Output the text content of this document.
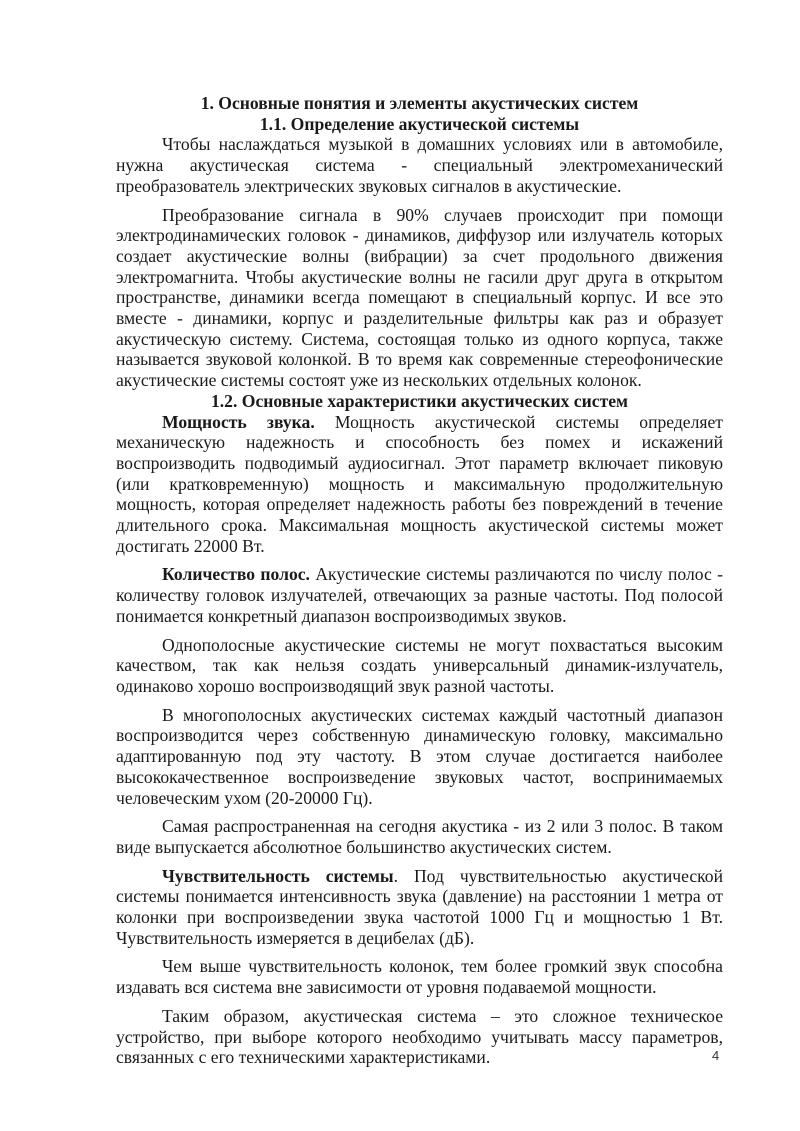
1. Основные понятия и элементы акустических систем
1.1. Определение акустической системы

Чтобы наслаждаться музыкой в домашних условиях или в автомобиле, нужна акустическая система - специальный электромеханический преобразователь электрических звуковых сигналов в акустические.

Преобразование сигнала в 90% случаев происходит при помощи электродинамических головок - динамиков, диффузор или излучатель которых создает акустические волны (вибрации) за счет продольного движения электромагнита. Чтобы акустические волны не гасили друг друга в открытом пространстве, динамики всегда помещают в специальный корпус. И все это вместе - динамики, корпус и разделительные фильтры как раз и образует акустическую систему. Система, состоящая только из одного корпуса, также называется звуковой колонкой. В то время как современные стереофонические акустические системы состоят уже из нескольких отдельных колонок.

1.2. Основные характеристики акустических систем

Мощность звука. Мощность акустической системы определяет механическую надежность и способность без помех и искажений воспроизводить подводимый аудиосигнал. Этот параметр включает пиковую (или кратковременную) мощность и максимальную продолжительную мощность, которая определяет надежность работы без повреждений в течение длительного срока. Максимальная мощность акустической системы может достигать 22000 Вт.

Количество полос. Акустические системы различаются по числу полос - количеству головок излучателей, отвечающих за разные частоты. Под полосой понимается конкретный диапазон воспроизводимых звуков.

Однополосные акустические системы не могут похвастаться высоким качеством, так как нельзя создать универсальный динамик-излучатель, одинаково хорошо воспроизводящий звук разной частоты.

В многополосных акустических системах каждый частотный диапазон воспроизводится через собственную динамическую головку, максимально адаптированную под эту частоту. В этом случае достигается наиболее высококачественное воспроизведение звуковых частот, воспринимаемых человеческим ухом (20-20000 Гц).

Самая распространенная на сегодня акустика - из 2 или 3 полос. В таком виде выпускается абсолютное большинство акустических систем.

Чувствительность системы. Под чувствительностью акустической системы понимается интенсивность звука (давление) на расстоянии 1 метра от колонки при воспроизведении звука частотой 1000 Гц и мощностью 1 Вт. Чувствительность измеряется в децибелах (дБ).

Чем выше чувствительность колонок, тем более громкий звук способна издавать вся система вне зависимости от уровня подаваемой мощности.

Таким образом, акустическая система – это сложное техническое устройство, при выборе которого необходимо учитывать массу параметров, связанных с его техническими характеристиками.	4
